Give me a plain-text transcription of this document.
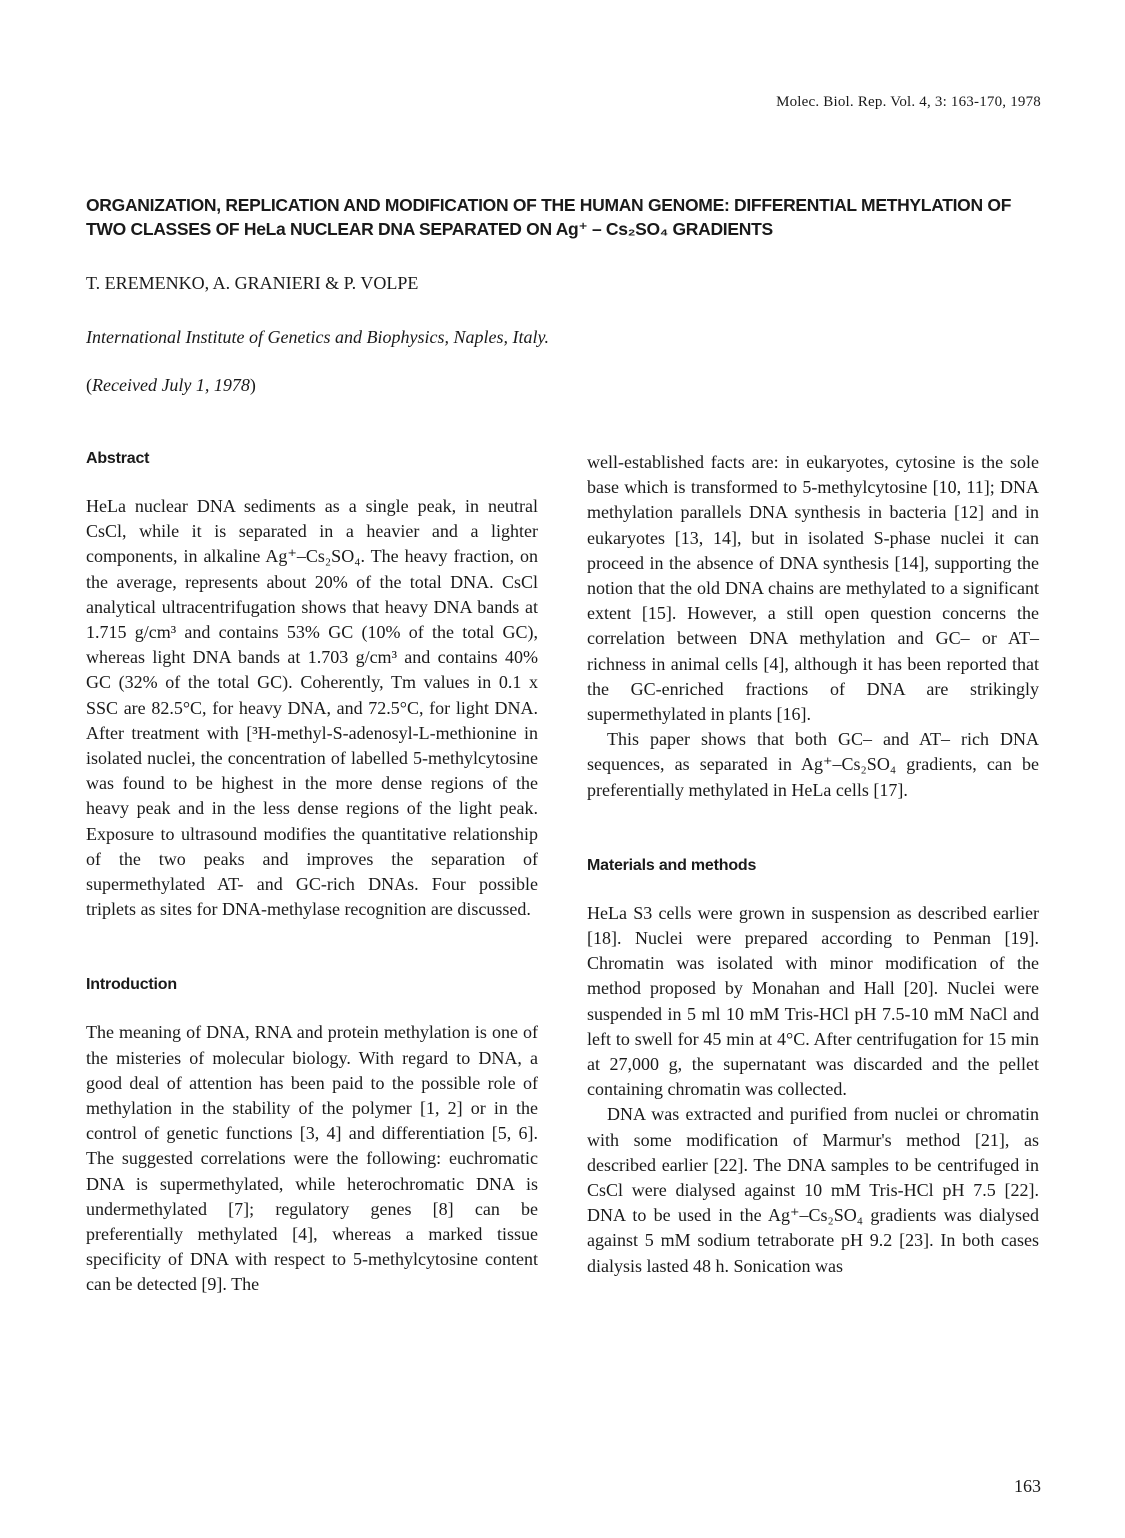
Molec. Biol. Rep. Vol. 4, 3: 163-170, 1978
ORGANIZATION, REPLICATION AND MODIFICATION OF THE HUMAN GENOME: DIFFERENTIAL METHYLATION OF TWO CLASSES OF HeLa NUCLEAR DNA SEPARATED ON Ag⁺ – Cs₂SO₄ GRADIENTS
T. EREMENKO, A. GRANIERI & P. VOLPE
International Institute of Genetics and Biophysics, Naples, Italy.
(Received July 1, 1978)
Abstract

HeLa nuclear DNA sediments as a single peak, in neutral CsCl, while it is separated in a heavier and a lighter components, in alkaline Ag⁺–Cs₂SO₄. The heavy fraction, on the average, represents about 20% of the total DNA. CsCl analytical ultracentrifugation shows that heavy DNA bands at 1.715 g/cm³ and contains 53% GC (10% of the total GC), whereas light DNA bands at 1.703 g/cm³ and contains 40% GC (32% of the total GC). Coherently, Tm values in 0.1 x SSC are 82.5°C, for heavy DNA, and 72.5°C, for light DNA. After treatment with [³H-methyl-S-adenosyl-L-methionine in isolated nuclei, the concentration of labelled 5-methylcytosine was found to be highest in the more dense regions of the heavy peak and in the less dense regions of the light peak. Exposure to ultrasound modifies the quantitative relationship of the two peaks and improves the separation of supermethylated AT- and GC-rich DNAs. Four possible triplets as sites for DNA-methylase recognition are discussed.

Introduction

The meaning of DNA, RNA and protein methylation is one of the misteries of molecular biology. With regard to DNA, a good deal of attention has been paid to the possible role of methylation in the stability of the polymer [1, 2] or in the control of genetic functions [3, 4] and differentiation [5, 6]. The suggested correlations were the following: euchromatic DNA is supermethylated, while heterochromatic DNA is undermethylated [7]; regulatory genes [8] can be preferentially methylated [4], whereas a marked tissue specificity of DNA with respect to 5-methylcytosine content can be detected [9]. The

well-established facts are: in eukaryotes, cytosine is the sole base which is transformed to 5-methylcytosine [10, 11]; DNA methylation parallels DNA synthesis in bacteria [12] and in eukaryotes [13, 14], but in isolated S-phase nuclei it can proceed in the absence of DNA synthesis [14], supporting the notion that the old DNA chains are methylated to a significant extent [15]. However, a still open question concerns the correlation between DNA methylation and GC– or AT– richness in animal cells [4], although it has been reported that the GC-enriched fractions of DNA are strikingly supermethylated in plants [16].

This paper shows that both GC– and AT– rich DNA sequences, as separated in Ag⁺–Cs₂SO₄ gradients, can be preferentially methylated in HeLa cells [17].

Materials and methods

HeLa S3 cells were grown in suspension as described earlier [18]. Nuclei were prepared according to Penman [19]. Chromatin was isolated with minor modification of the method proposed by Monahan and Hall [20]. Nuclei were suspended in 5 ml 10 mM Tris-HCl pH 7.5-10 mM NaCl and left to swell for 45 min at 4°C. After centrifugation for 15 min at 27,000 g, the supernatant was discarded and the pellet containing chromatin was collected.

DNA was extracted and purified from nuclei or chromatin with some modification of Marmur's method [21], as described earlier [22]. The DNA samples to be centrifuged in CsCl were dialysed against 10 mM Tris-HCl pH 7.5 [22]. DNA to be used in the Ag⁺–Cs₂SO₄ gradients was dialysed against 5 mM sodium tetraborate pH 9.2 [23]. In both cases dialysis lasted 48 h. Sonication was

163
